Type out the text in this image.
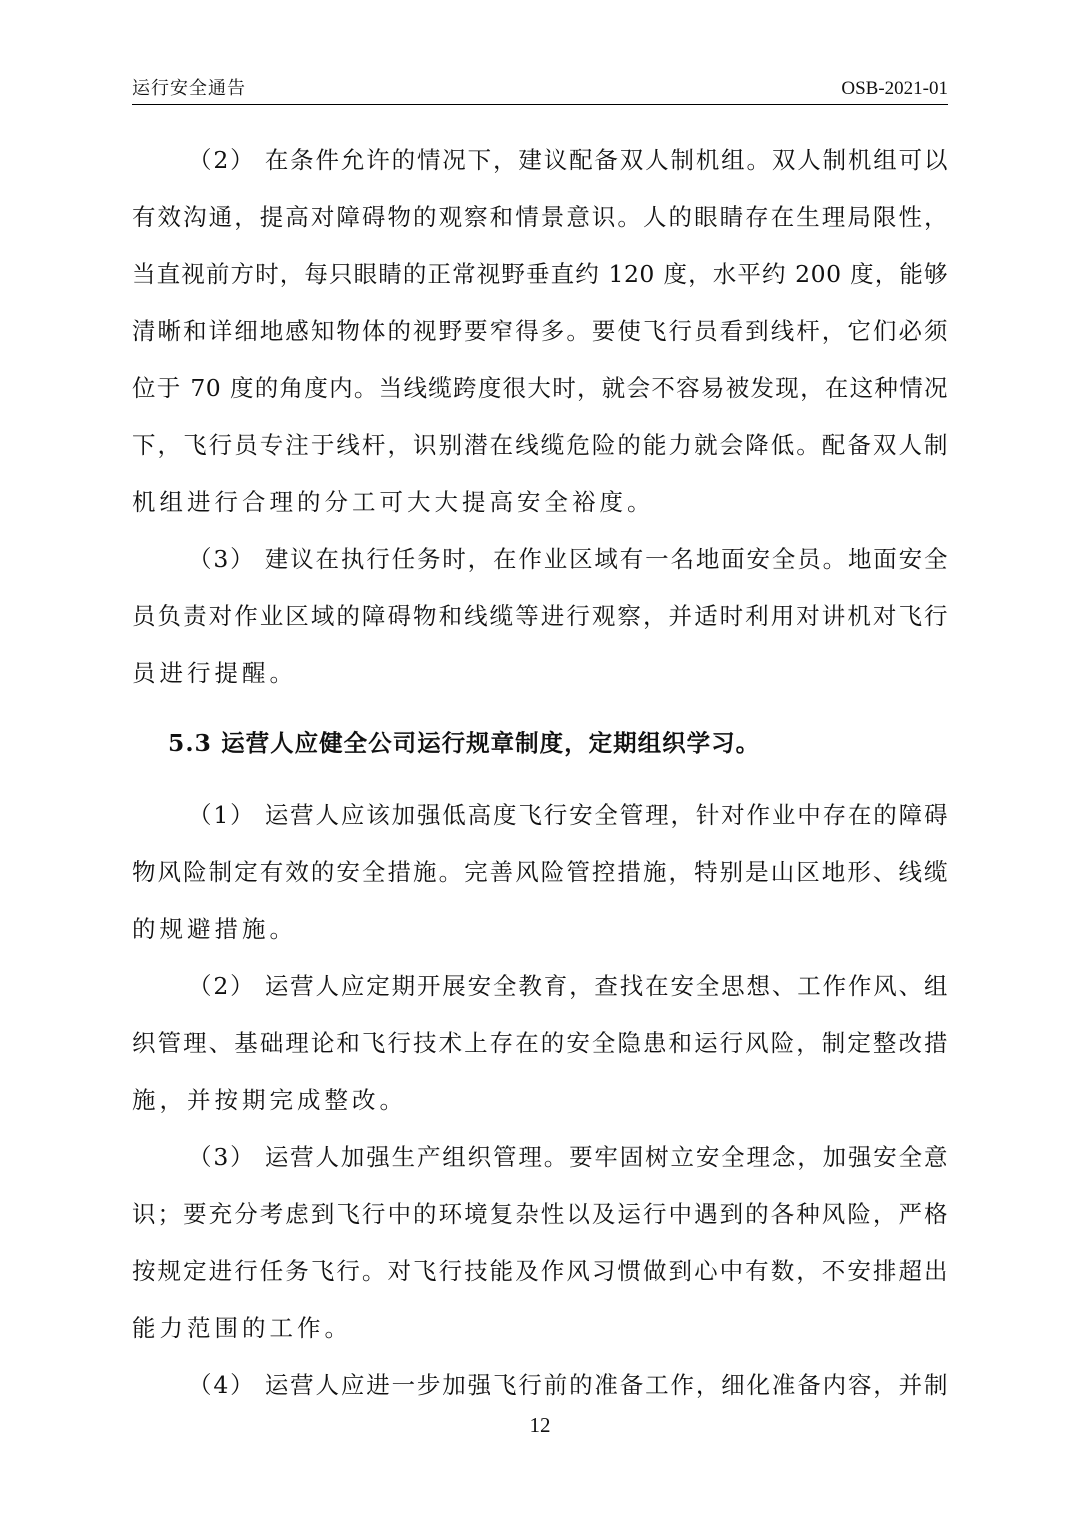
运行安全通告	OSB-2021-01
（2） 在条件允许的情况下，建议配备双人制机组。双人制机组可以
有效沟通，提高对障碍物的观察和情景意识。人的眼睛存在生理局限性，
当直视前方时，每只眼睛的正常视野垂直约 120 度，水平约 200 度，能够
清晰和详细地感知物体的视野要窄得多。要使飞行员看到线杆，它们必须
位于 70 度的角度内。当线缆跨度很大时，就会不容易被发现，在这种情况
下，飞行员专注于线杆，识别潜在线缆危险的能力就会降低。配备双人制
机组进行合理的分工可大大提高安全裕度。
（3） 建议在执行任务时，在作业区域有一名地面安全员。地面安全
员负责对作业区域的障碍物和线缆等进行观察，并适时利用对讲机对飞行
员进行提醒。
5.3 运营人应健全公司运行规章制度，定期组织学习。
（1） 运营人应该加强低高度飞行安全管理，针对作业中存在的障碍
物风险制定有效的安全措施。完善风险管控措施，特别是山区地形、线缆
的规避措施。
（2） 运营人应定期开展安全教育，查找在安全思想、工作作风、组
织管理、基础理论和飞行技术上存在的安全隐患和运行风险，制定整改措
施，并按期完成整改。
（3） 运营人加强生产组织管理。要牢固树立安全理念，加强安全意
识；要充分考虑到飞行中的环境复杂性以及运行中遇到的各种风险，严格
按规定进行任务飞行。对飞行技能及作风习惯做到心中有数，不安排超出
能力范围的工作。
（4） 运营人应进一步加强飞行前的准备工作，细化准备内容，并制
12
